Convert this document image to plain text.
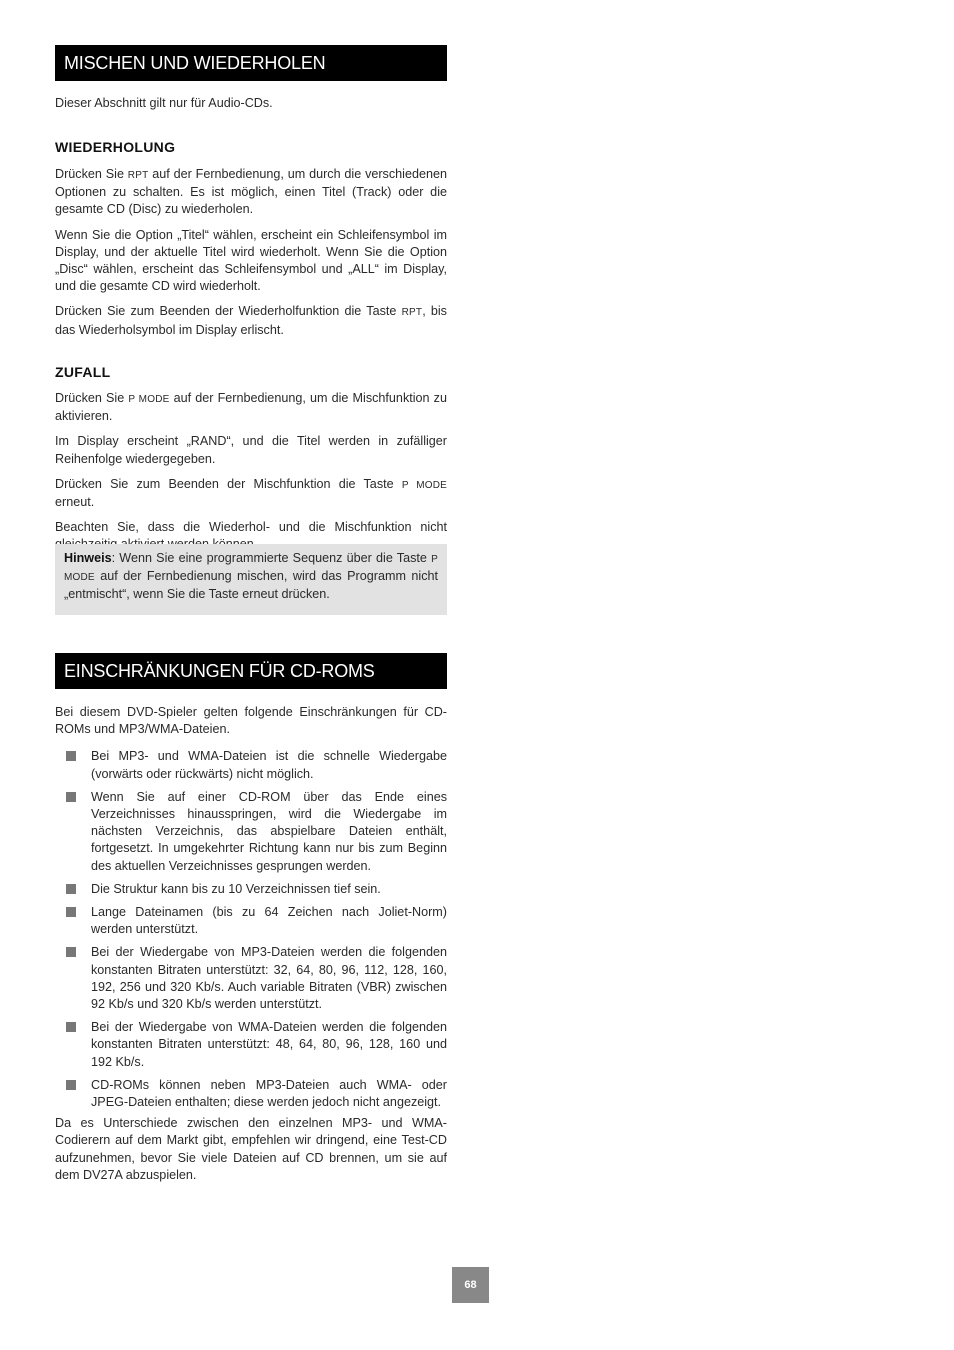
MISCHEN UND WIEDERHOLEN

Dieser Abschnitt gilt nur für Audio-CDs.

WIEDERHOLUNG

Drücken Sie RPT auf der Fernbedienung, um durch die verschiedenen Optionen zu schalten. Es ist möglich, einen Titel (Track) oder die gesamte CD (Disc) zu wiederholen.

Wenn Sie die Option „Titel“ wählen, erscheint ein Schleifensymbol im Display, und der aktuelle Titel wird wiederholt. Wenn Sie die Option „Disc“ wählen, erscheint das Schleifensymbol und „ALL“ im Display, und die gesamte CD wird wiederholt.

Drücken Sie zum Beenden der Wiederholfunktion die Taste RPT, bis das Wiederholsymbol im Display erlischt.

ZUFALL

Drücken Sie P MODE auf der Fernbedienung, um die Mischfunktion zu aktivieren.

Im Display erscheint „RAND“, und die Titel werden in zufälliger Reihenfolge wiedergegeben.

Drücken Sie zum Beenden der Mischfunktion die Taste P MODE erneut.

Beachten Sie, dass die Wiederhol- und die Mischfunktion nicht

Hinweis: Wenn Sie eine programmierte Sequenz über die Taste P MODE auf der Fernbedienung mischen, wird das Programm nicht „entmischt“, wenn Sie die Taste erneut drücken.

EINSCHRÄNKUNGEN FÜR CD-ROMS

Bei diesem DVD-Spieler gelten folgende Einschränkungen für CD-ROMs und MP3/WMA-Dateien.

Bei MP3- und WMA-Dateien ist die schnelle Wiedergabe (vorwärts oder rückwärts) nicht möglich.

Wenn Sie auf einer CD-ROM über das Ende eines Verzeichnisses hinausspringen, wird die Wiedergabe im nächsten Verzeichnis, das abspielbare Dateien enthält, fortgesetzt. In umgekehrter Richtung kann nur bis zum Beginn des aktuellen Verzeichnisses gesprungen werden.

Die Struktur kann bis zu 10 Verzeichnissen tief sein.

Lange Dateinamen (bis zu 64 Zeichen nach Joliet-Norm) werden unterstützt.

Bei der Wiedergabe von MP3-Dateien werden die folgenden konstanten Bitraten unterstützt: 32, 64, 80, 96, 112, 128, 160, 192, 256 und 320 Kb/s. Auch variable Bitraten (VBR) zwischen 92 Kb/s und 320 Kb/s werden unterstützt.

Bei der Wiedergabe von WMA-Dateien werden die folgenden konstanten Bitraten unterstützt: 48, 64, 80, 96, 128, 160 und 192 Kb/s.

CD-ROMs können neben MP3-Dateien auch WMA- oder JPEG-Dateien enthalten; diese werden jedoch nicht angezeigt.

Da es Unterschiede zwischen den einzelnen MP3- und WMA-Codierern auf dem Markt gibt, empfehlen wir dringend, eine Test-CD aufzunehmen, bevor Sie viele Dateien auf CD brennen, um sie auf dem DV27A abzuspielen.

68
